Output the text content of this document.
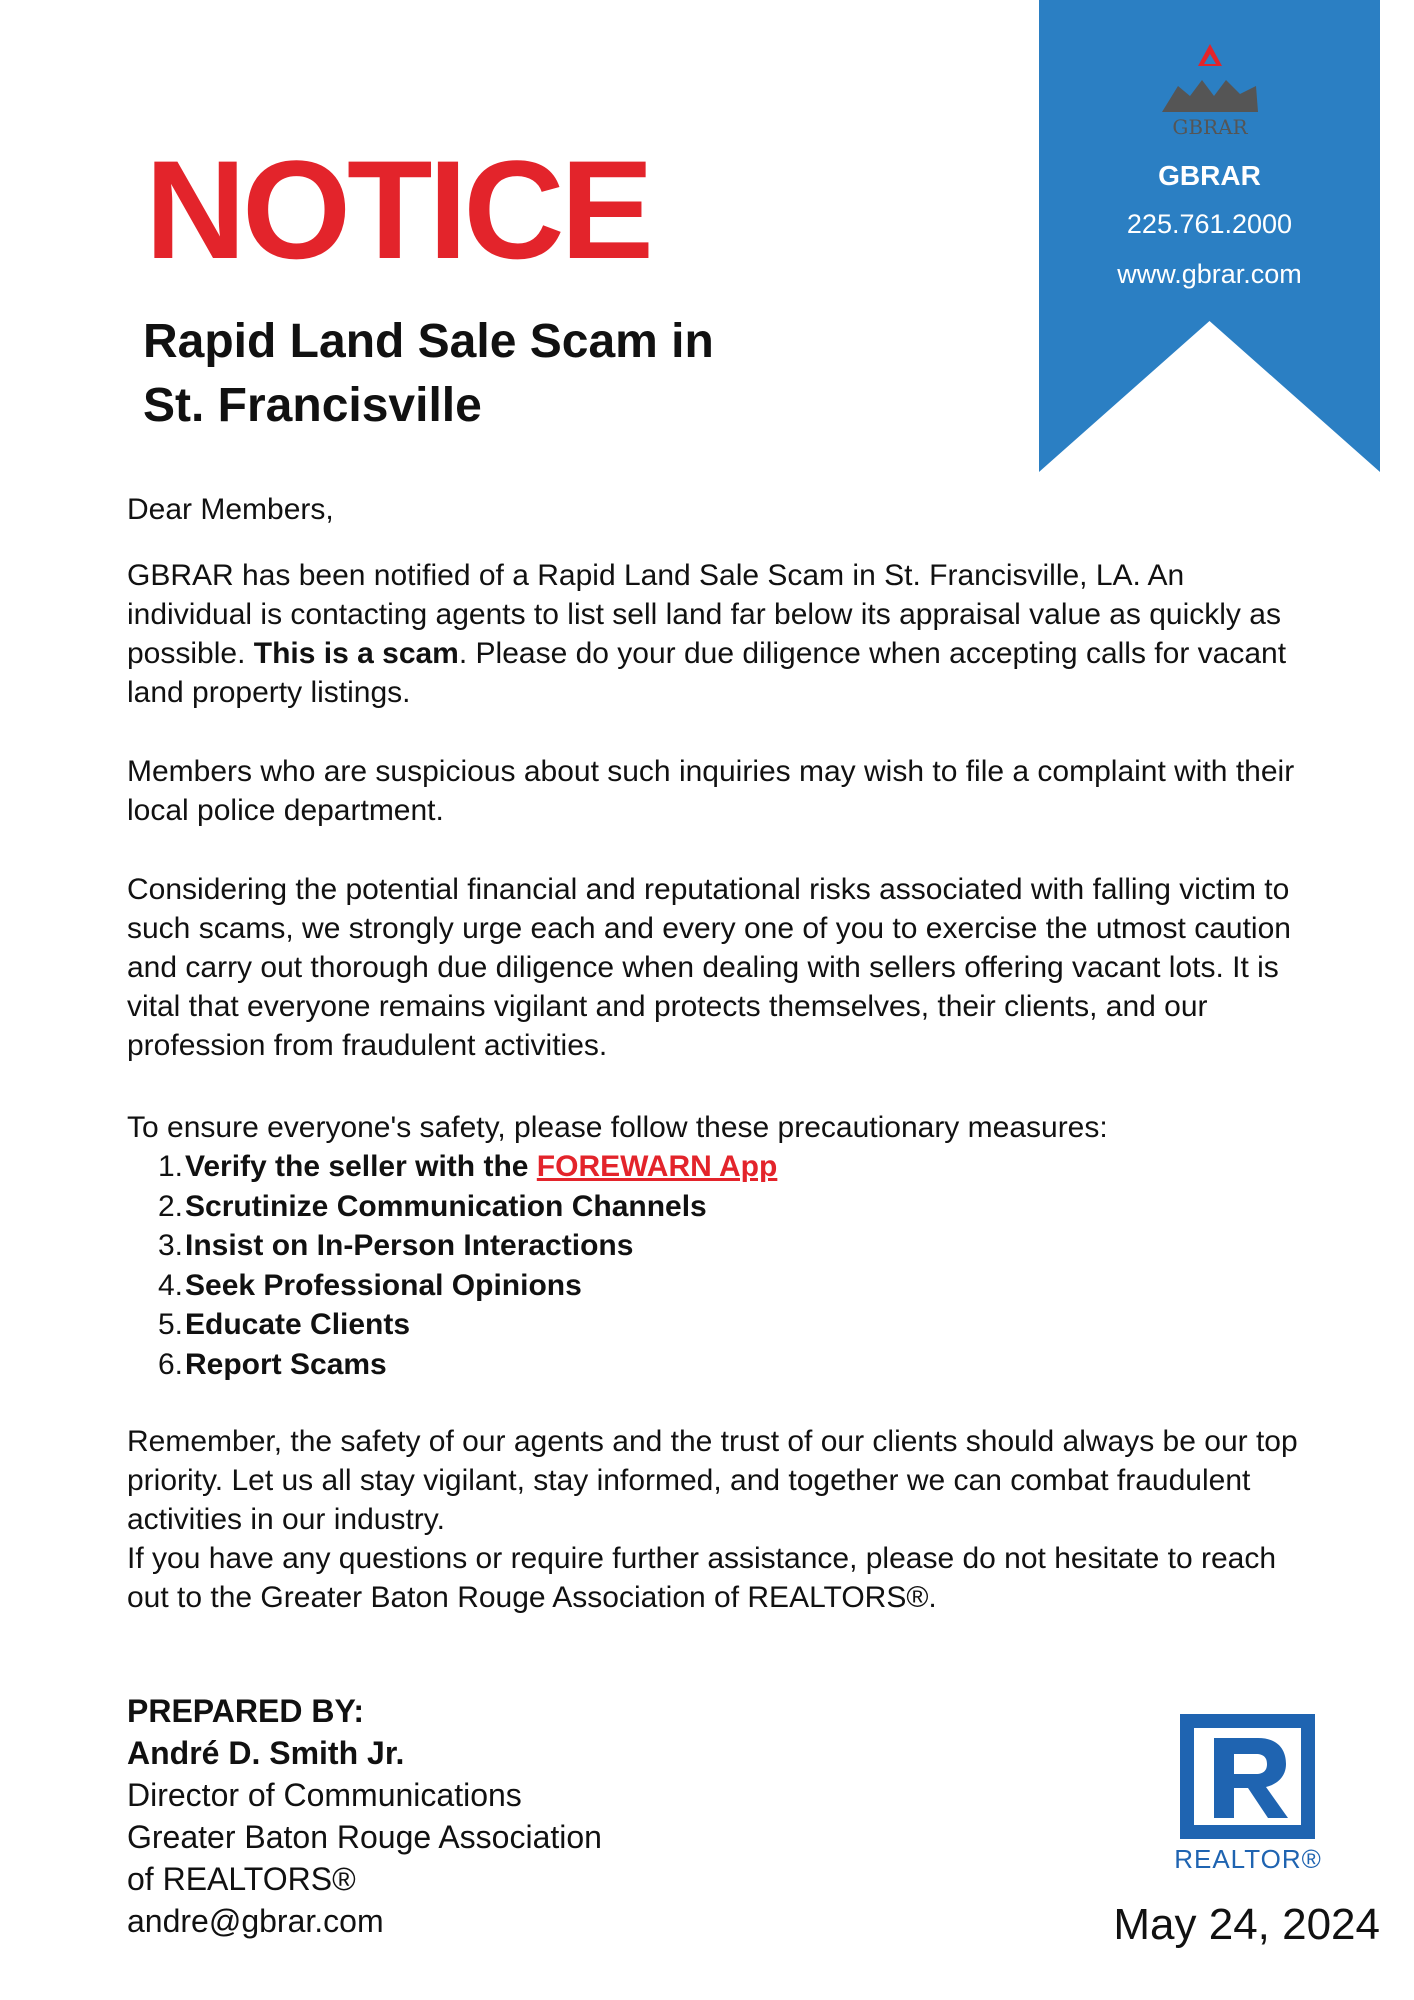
GBRAR
GBRAR
225.761.2000
www.gbrar.com
NOTICE
Rapid Land Sale Scam in
St. Francisville

Dear Members,

GBRAR has been notified of a Rapid Land Sale Scam in St. Francisville, LA. An individual is contacting agents to list sell land far below its appraisal value as quickly as possible. This is a scam. Please do your due diligence when accepting calls for vacant land property listings.

Members who are suspicious about such inquiries may wish to file a complaint with their local police department.

Considering the potential financial and reputational risks associated with falling victim to such scams, we strongly urge each and every one of you to exercise the utmost caution and carry out thorough due diligence when dealing with sellers offering vacant lots. It is vital that everyone remains vigilant and protects themselves, their clients, and our profession from fraudulent activities.

To ensure everyone's safety, please follow these precautionary measures:

1. Verify the seller with the FOREWARN App
2. Scrutinize Communication Channels
3. Insist on In-Person Interactions
4. Seek Professional Opinions
5. Educate Clients
6. Report Scams

Remember, the safety of our agents and the trust of our clients should always be our top priority. Let us all stay vigilant, stay informed, and together we can combat fraudulent activities in our industry.

If you have any questions or require further assistance, please do not hesitate to reach out to the Greater Baton Rouge Association of REALTORS®.

PREPARED BY:
André D. Smith Jr.
Director of Communications
Greater Baton Rouge Association
of REALTORS®
andre@gbrar.com
REALTOR®
May 24, 2024
